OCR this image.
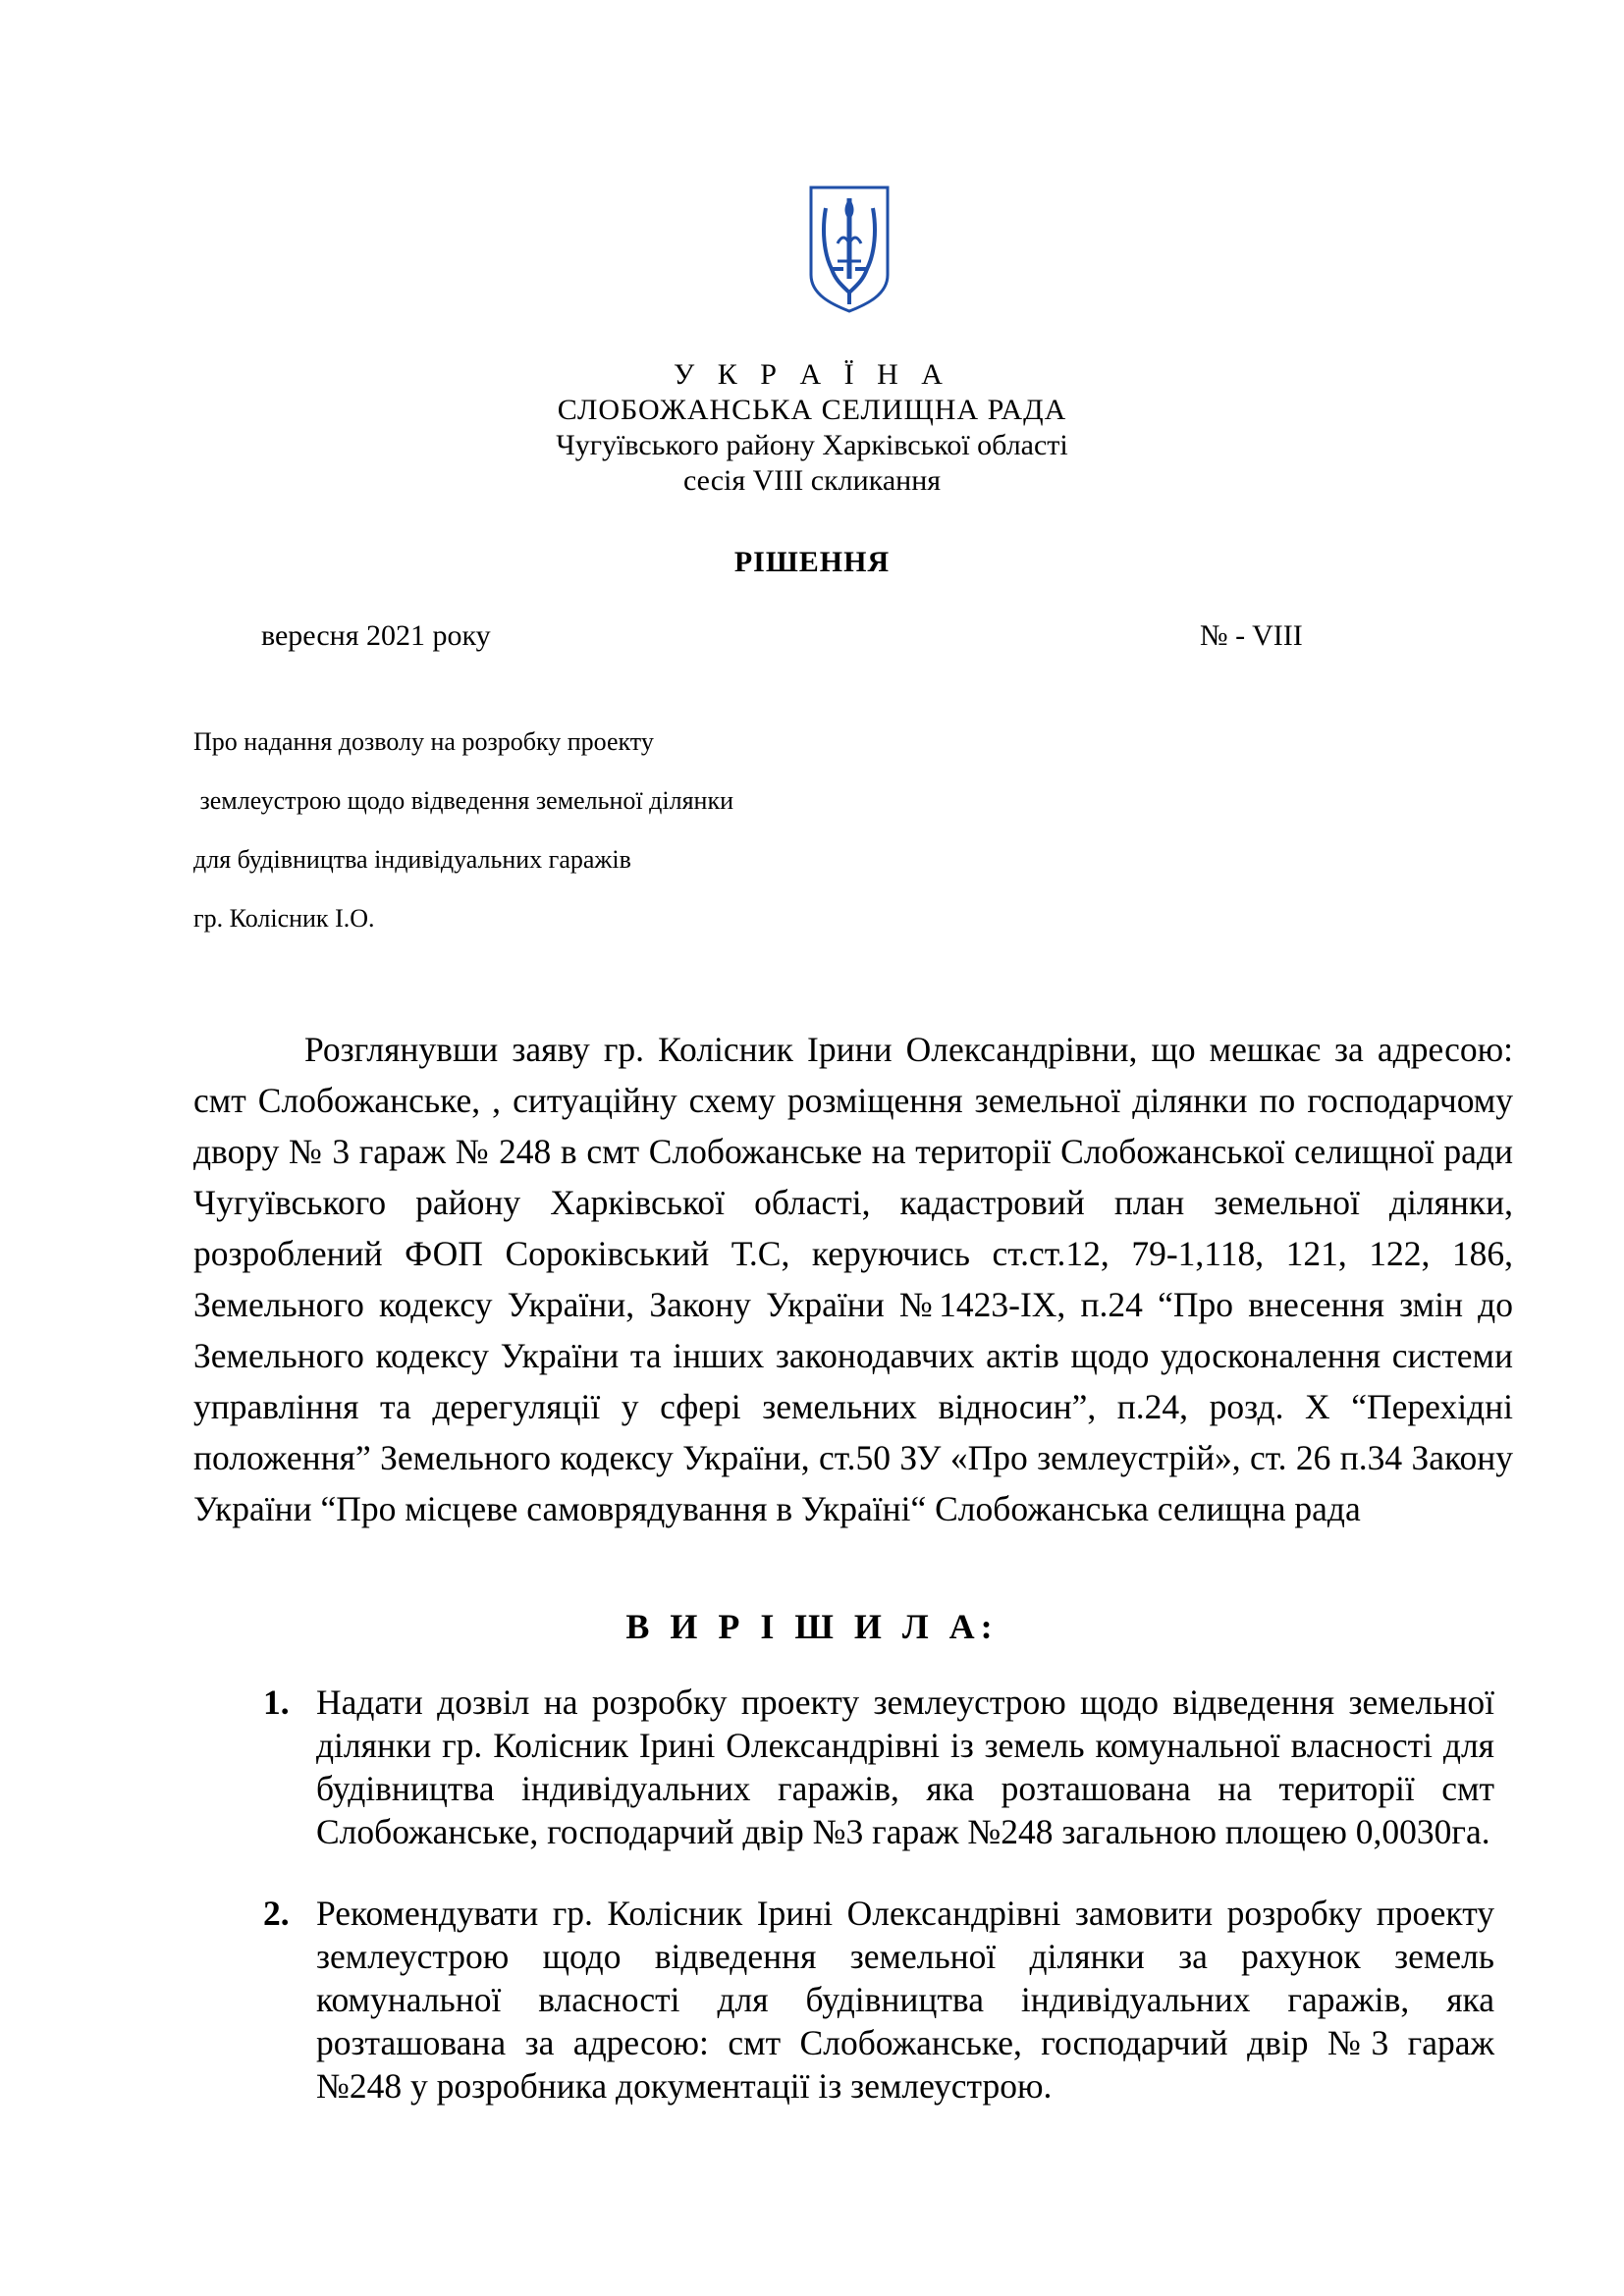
У К Р А Ї Н А
СЛОБОЖАНСЬКА СЕЛИЩНА РАДА
Чугуївського району Харківської області
сесія VIII скликання
РІШЕННЯ
вересня 2021 року	№ - VIII
Про надання дозволу на розробку проекту
землеустрою щодо відведення земельної ділянки
для будівництва індивідуальних гаражів
гр. Колісник І.О.
Розглянувши заяву гр. Колісник Ірини Олександрівни, що мешкає за адресою: смт Слобожанське, , ситуаційну схему розміщення земельної ділянки по господарчому двору № 3 гараж № 248 в смт Слобожанське на території Слобожанської селищної ради Чугуївського району Харківської області, кадастровий план земельної ділянки, розроблений ФОП Сороківський Т.С, керуючись ст.ст.12, 79-1,118, 121, 122, 186, Земельного кодексу України, Закону України №1423-IX, п.24 “Про внесення змін до Земельного кодексу України та інших законодавчих актів щодо удосконалення системи управління та дерегуляції у сфері земельних відносин”, п.24, розд. X “Перехідні положення” Земельного кодексу України, ст.50 ЗУ «Про землеустрій», ст. 26 п.34 Закону України “Про місцеве самоврядування в Україні“ Слобожанська селищна рада
В И Р І Ш И Л А:
1. Надати дозвіл на розробку проекту землеустрою щодо відведення земельної ділянки гр. Колісник Ірині Олександрівні із земель комунальної власності для будівництва індивідуальних гаражів, яка розташована на території смт Слобожанське, господарчий двір №3 гараж №248 загальною площею 0,0030га.
2. Рекомендувати гр. Колісник Ірині Олександрівні замовити розробку проекту землеустрою щодо відведення земельної ділянки за рахунок земель комунальної власності для будівництва індивідуальних гаражів, яка розташована за адресою: смт Слобожанське, господарчий двір №3 гараж №248 у розробника документації із землеустрою.
